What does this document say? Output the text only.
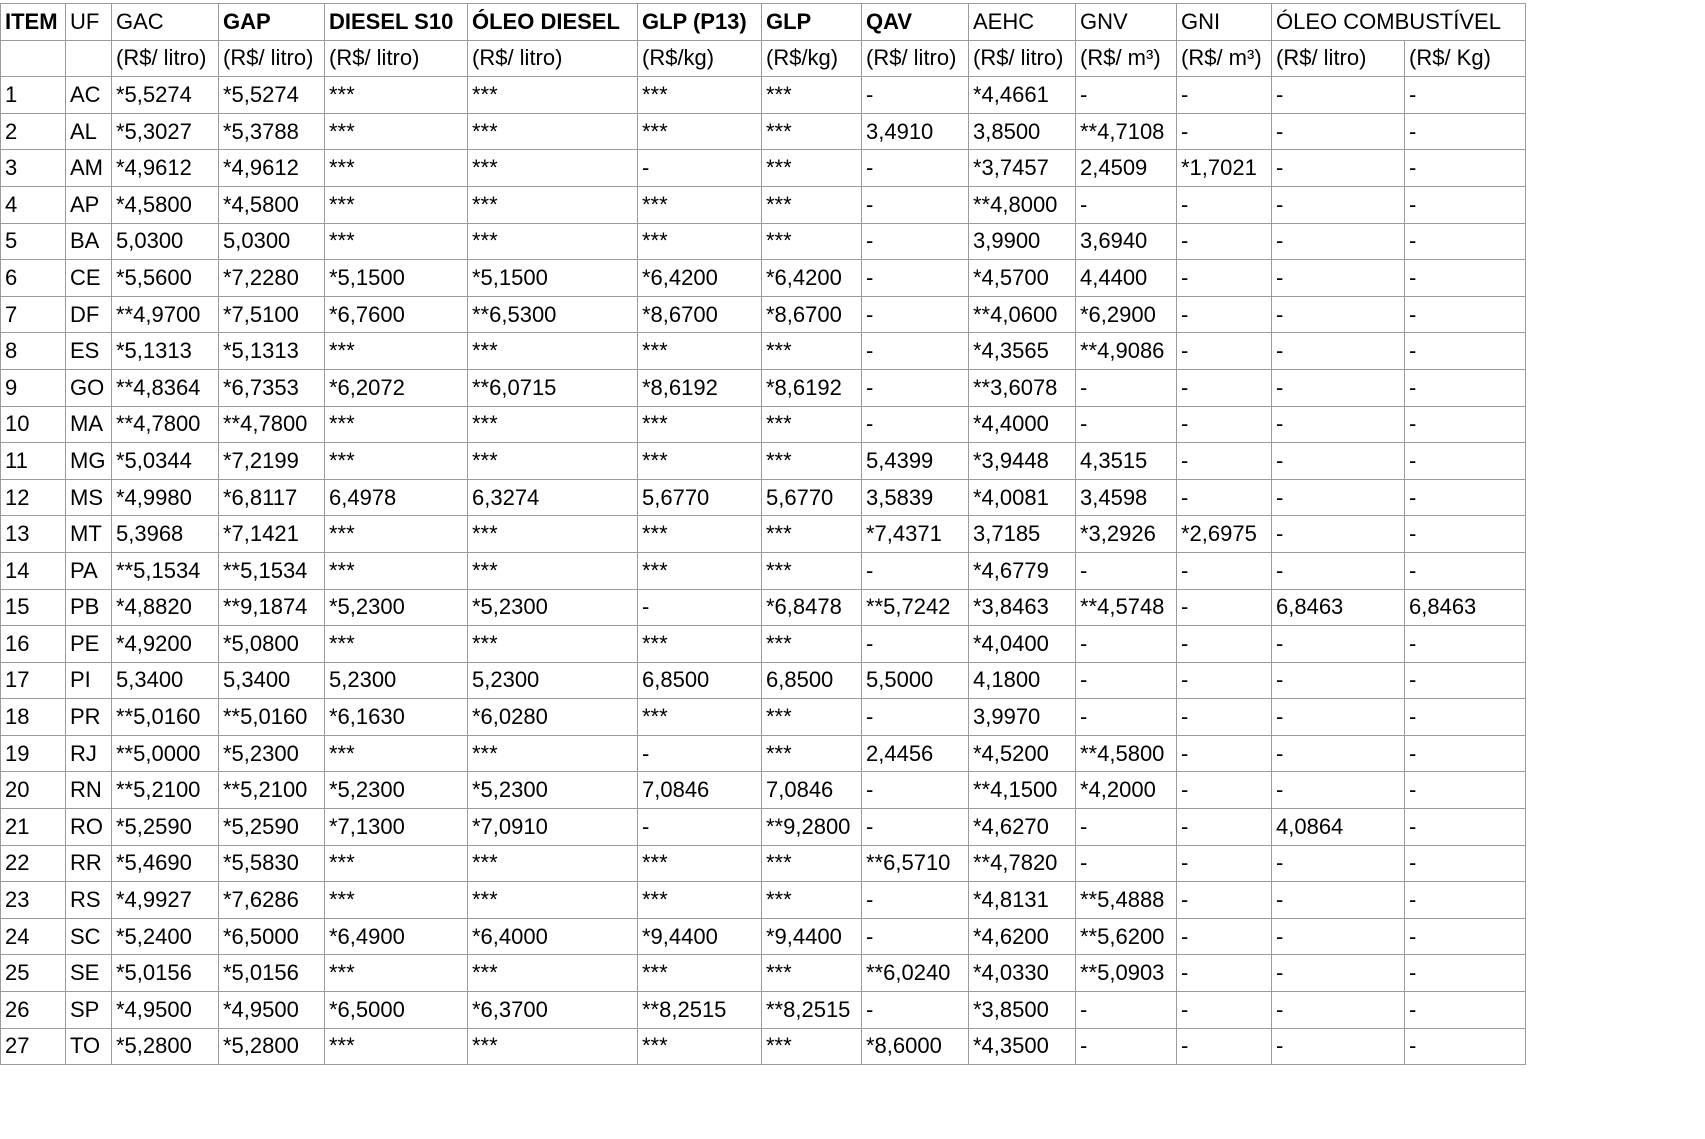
ITEM	UF	GAC	GAP	DIESEL S10	ÓLEO DIESEL	GLP (P13)	GLP	QAV	AEHC	GNV	GNI	ÓLEO COMBUSTÍVEL	
		(R$/ litro)	(R$/ litro)	(R$/ litro)	(R$/ litro)	(R$/kg)	(R$/kg)	(R$/ litro)	(R$/ litro)	(R$/ m³)	(R$/ m³)	(R$/ litro)	(R$/ Kg)
1	AC	*5,5274	*5,5274	***	***	***	***	-	*4,4661	-	-	-	-
2	AL	*5,3027	*5,3788	***	***	***	***	3,4910	3,8500	**4,7108	-	-	-
3	AM	*4,9612	*4,9612	***	***	-	***	-	*3,7457	2,4509	*1,7021	-	-
4	AP	*4,5800	*4,5800	***	***	***	***	-	**4,8000	-	-	-	-
5	BA	5,0300	5,0300	***	***	***	***	-	3,9900	3,6940	-	-	-
6	CE	*5,5600	*7,2280	*5,1500	*5,1500	*6,4200	*6,4200	-	*4,5700	4,4400	-	-	-
7	DF	**4,9700	*7,5100	*6,7600	**6,5300	*8,6700	*8,6700	-	**4,0600	*6,2900	-	-	-
8	ES	*5,1313	*5,1313	***	***	***	***	-	*4,3565	**4,9086	-	-	-
9	GO	**4,8364	*6,7353	*6,2072	**6,0715	*8,6192	*8,6192	-	**3,6078	-	-	-	-
10	MA	**4,7800	**4,7800	***	***	***	***	-	*4,4000	-	-	-	-
11	MG	*5,0344	*7,2199	***	***	***	***	5,4399	*3,9448	4,3515	-	-	-
12	MS	*4,9980	*6,8117	6,4978	6,3274	5,6770	5,6770	3,5839	*4,0081	3,4598	-	-	-
13	MT	5,3968	*7,1421	***	***	***	***	*7,4371	3,7185	*3,2926	*2,6975	-	-
14	PA	**5,1534	**5,1534	***	***	***	***	-	*4,6779	-	-	-	-
15	PB	*4,8820	**9,1874	*5,2300	*5,2300	-	*6,8478	**5,7242	*3,8463	**4,5748	-	6,8463	6,8463
16	PE	*4,9200	*5,0800	***	***	***	***	-	*4,0400	-	-	-	-
17	PI	5,3400	5,3400	5,2300	5,2300	6,8500	6,8500	5,5000	4,1800	-	-	-	-
18	PR	**5,0160	**5,0160	*6,1630	*6,0280	***	***	-	3,9970	-	-	-	-
19	RJ	**5,0000	*5,2300	***	***	-	***	2,4456	*4,5200	**4,5800	-	-	-
20	RN	**5,2100	**5,2100	*5,2300	*5,2300	7,0846	7,0846	-	**4,1500	*4,2000	-	-	-
21	RO	*5,2590	*5,2590	*7,1300	*7,0910	-	**9,2800	-	*4,6270	-	-	4,0864	-
22	RR	*5,4690	*5,5830	***	***	***	***	**6,5710	**4,7820	-	-	-	-
23	RS	*4,9927	*7,6286	***	***	***	***	-	*4,8131	**5,4888	-	-	-
24	SC	*5,2400	*6,5000	*6,4900	*6,4000	*9,4400	*9,4400	-	*4,6200	**5,6200	-	-	-
25	SE	*5,0156	*5,0156	***	***	***	***	**6,0240	*4,0330	**5,0903	-	-	-
26	SP	*4,9500	*4,9500	*6,5000	*6,3700	**8,2515	**8,2515	-	*3,8500	-	-	-	-
27	TO	*5,2800	*5,2800	***	***	***	***	*8,6000	*4,3500	-	-	-	-
